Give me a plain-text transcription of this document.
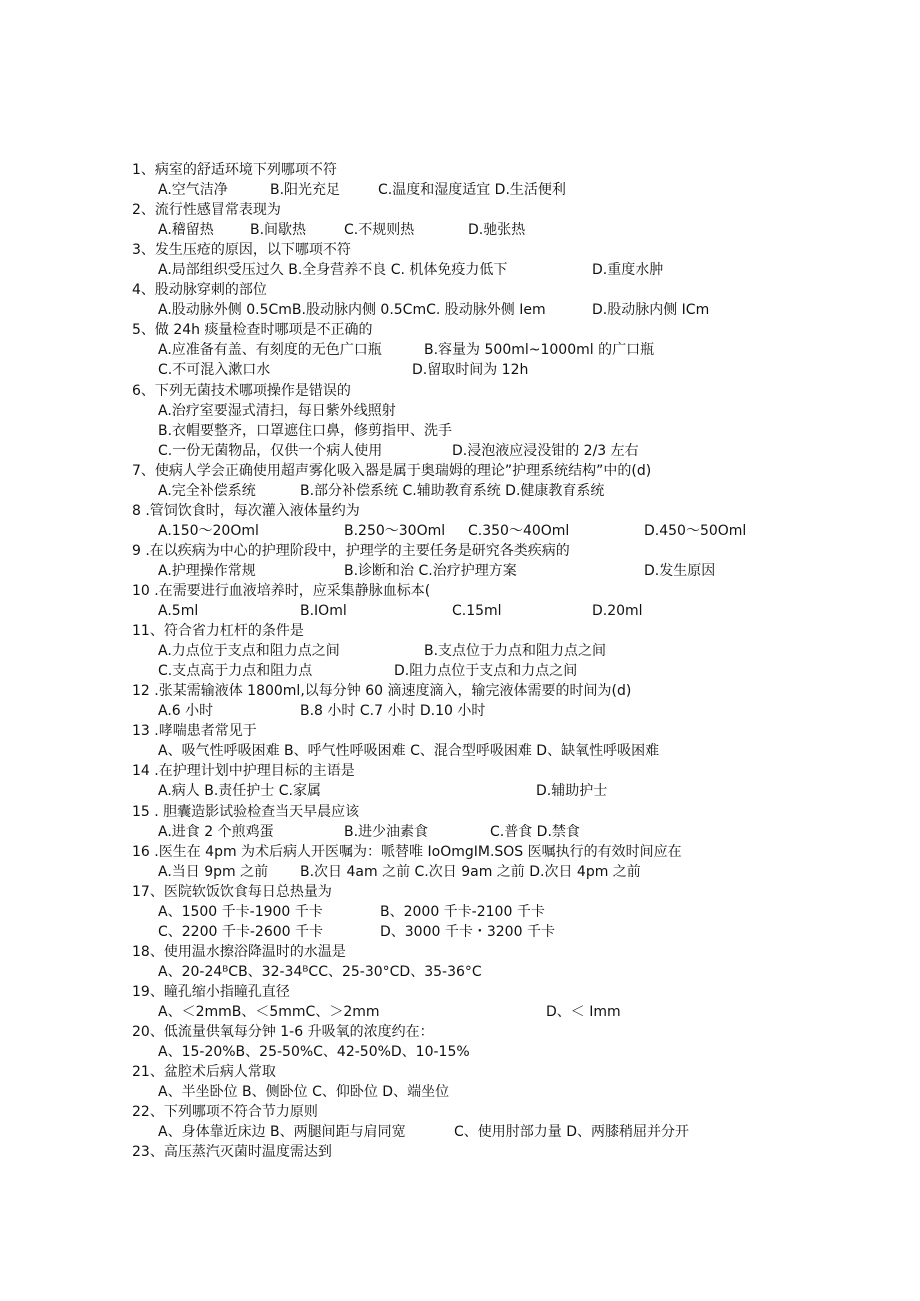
1、病室的舒适环境下列哪项不符
A.空气洁净	B.阳光充足	C.温度和湿度适宜 D.生活便利
2、流行性感冒常表现为
A.稽留热	B.间歇热	C.不规则热	D.驰张热
3、发生压疮的原因，以下哪项不符
A.局部组织受压过久 B.全身营养不良 C. 机体免疫力低下	D.重度水肿
4、股动脉穿刺的部位
A.股动脉外侧 0.5CmB.股动脉内侧 0.5CmC. 股动脉外侧 Iem	D.股动脉内侧 ICm
5、做 24h 痰量检查时哪项是不正确的
A.应准备有盖、有刻度的无色广口瓶	B.容量为 500ml~1000ml 的广口瓶
C.不可混入漱口水	D.留取时间为 12h
6、下列无菌技术哪项操作是错误的
A.治疗室要湿式清扫，每日紫外线照射
B.衣帽要整齐，口罩遮住口鼻，修剪指甲、洗手
C.一份无菌物品，仅供一个病人使用	D.浸泡液应浸没钳的 2/3 左右
7、使病人学会正确使用超声雾化吸入器是属于奥瑞姆的理论”护理系统结构”中的(d)
A.完全补偿系统	B.部分补偿系统 C.辅助教育系统 D.健康教育系统
8 .管饲饮食时，每次灌入液体量约为
A.150～20Oml	B.250～30Oml C.350～40Oml	D.450～50Oml
9 .在以疾病为中心的护理阶段中，护理学的主要任务是研究各类疾病的
A.护理操作常规	B.诊断和治 C.治疗护理方案	D.发生原因
10 .在需要进行血液培养时，应采集静脉血标本(
A.5ml	B.IOml	C.15ml	D.20ml
11、符合省力杠杆的条件是
A.力点位于支点和阻力点之间	B.支点位于力点和阻力点之间
C.支点高于力点和阻力点	D.阻力点位于支点和力点之间
12 .张某需输液体 1800ml,以每分钟 60 滴速度滴入，输完液体需要的时间为(d)
A.6 小时	B.8 小时 C.7 小时 D.10 小时
13 .哮喘患者常见于
A、吸气性呼吸困难 B、呼气性呼吸困难 C、混合型呼吸困难 D、缺氧性呼吸困难
14 .在护理计划中护理目标的主语是
A.病人 B.责任护士 C.家属	D.辅助护士
15 . 胆囊造影试验检查当天早晨应该
A.进食 2 个煎鸡蛋	B.进少油素食	C.普食 D.禁食
16 .医生在 4pm 为术后病人开医嘱为：哌替唯 IoOmgIM.SOS 医嘱执行的有效时间应在
A.当日 9pm 之前 B.次日 4am 之前 C.次日 9am 之前 D.次日 4pm 之前
17、医院软饭饮食每日总热量为
A、1500 千卡-1900 千卡	B、2000 千卡-2100 千卡
C、2200 千卡-2600 千卡	D、3000 千卡・3200 千卡
18、使用温水擦浴降温时的水温是
A、20-24ᴮCB、32-34ᴮCC、25-30°CD、35-36°C
19、瞳孔缩小指瞳孔直径
A、＜2mmB、＜5mmC、＞2mm	D、＜ Imm
20、低流量供氧每分钟 1-6 升吸氧的浓度约在：
A、15-20%B、25-50%C、42-50%D、10-15%
21、盆腔术后病人常取
A、半坐卧位 B、侧卧位 C、仰卧位 D、端坐位
22、下列哪项不符合节力原则
A、身体靠近床边 B、两腿间距与肩同宽	C、使用肘部力量 D、两膝稍屈并分开
23、高压蒸汽灭菌时温度需达到
